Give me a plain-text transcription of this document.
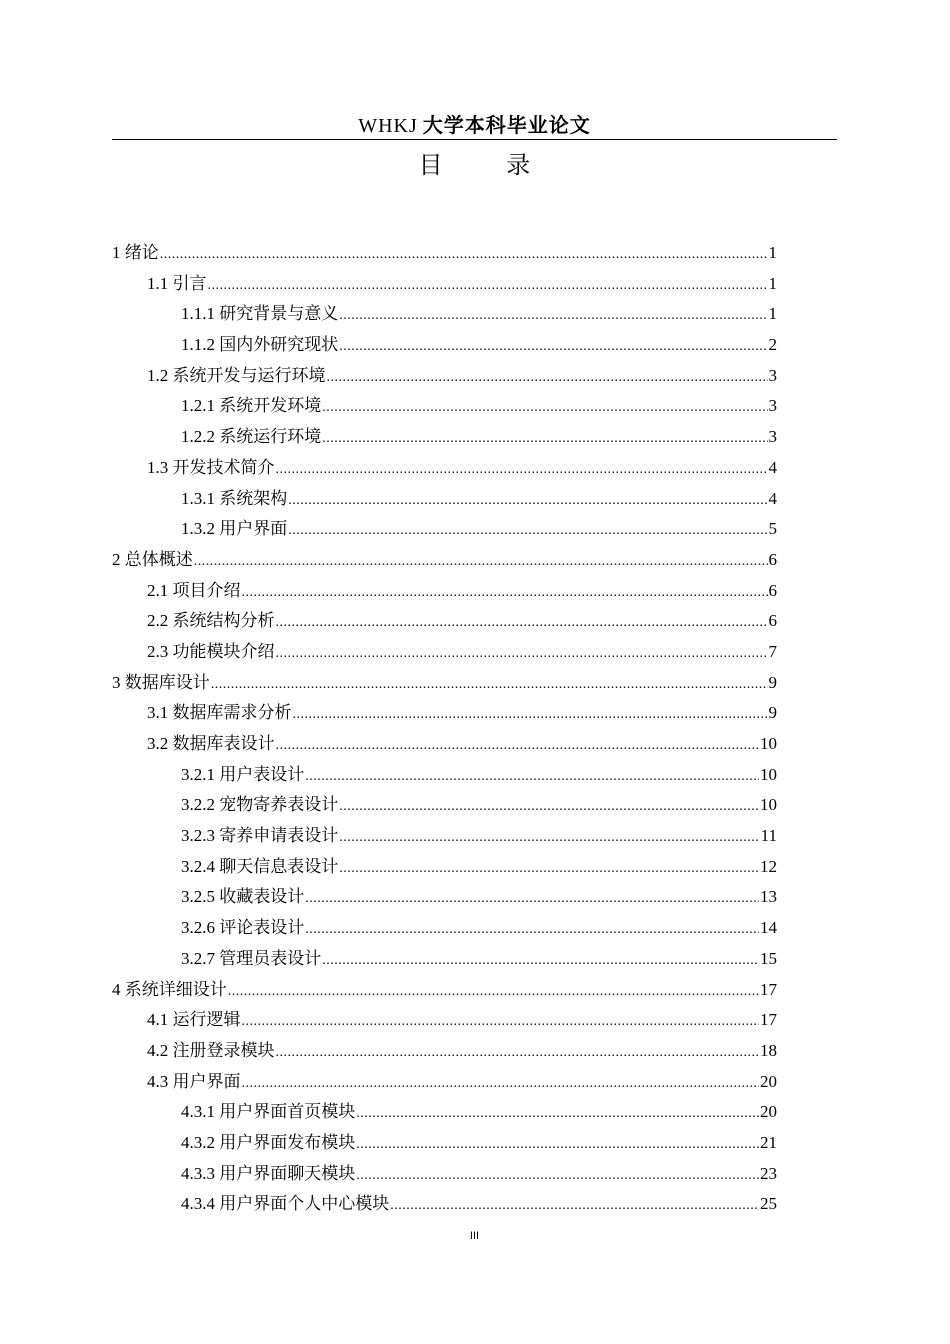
WHKJ 大学本科毕业论文
目 录
1 绪论 .....	1
1.1 引言 .....	1
1.1.1 研究背景与意义 .....	1
1.1.2 国内外研究现状 .....	2
1.2 系统开发与运行环境 .....	3
1.2.1 系统开发环境 .....	3
1.2.2 系统运行环境 .....	3
1.3 开发技术简介 .....	4
1.3.1 系统架构 .....	4
1.3.2 用户界面 .....	5
2 总体概述 .....	6
2.1 项目介绍 .....	6
2.2 系统结构分析 .....	6
2.3 功能模块介绍 .....	7
3 数据库设计 .....	9
3.1 数据库需求分析 .....	9
3.2 数据库表设计 .....	10
3.2.1 用户表设计 .....	10
3.2.2 宠物寄养表设计 .....	10
3.2.3 寄养申请表设计 .....	11
3.2.4 聊天信息表设计 .....	12
3.2.5 收藏表设计 .....	13
3.2.6 评论表设计 .....	14
3.2.7 管理员表设计 .....	15
4 系统详细设计 .....	17
4.1 运行逻辑 .....	17
4.2 注册登录模块 .....	18
4.3 用户界面 .....	20
4.3.1 用户界面首页模块 .....	20
4.3.2 用户界面发布模块 .....	21
4.3.3 用户界面聊天模块 .....	23
4.3.4 用户界面个人中心模块 .....	25
III
